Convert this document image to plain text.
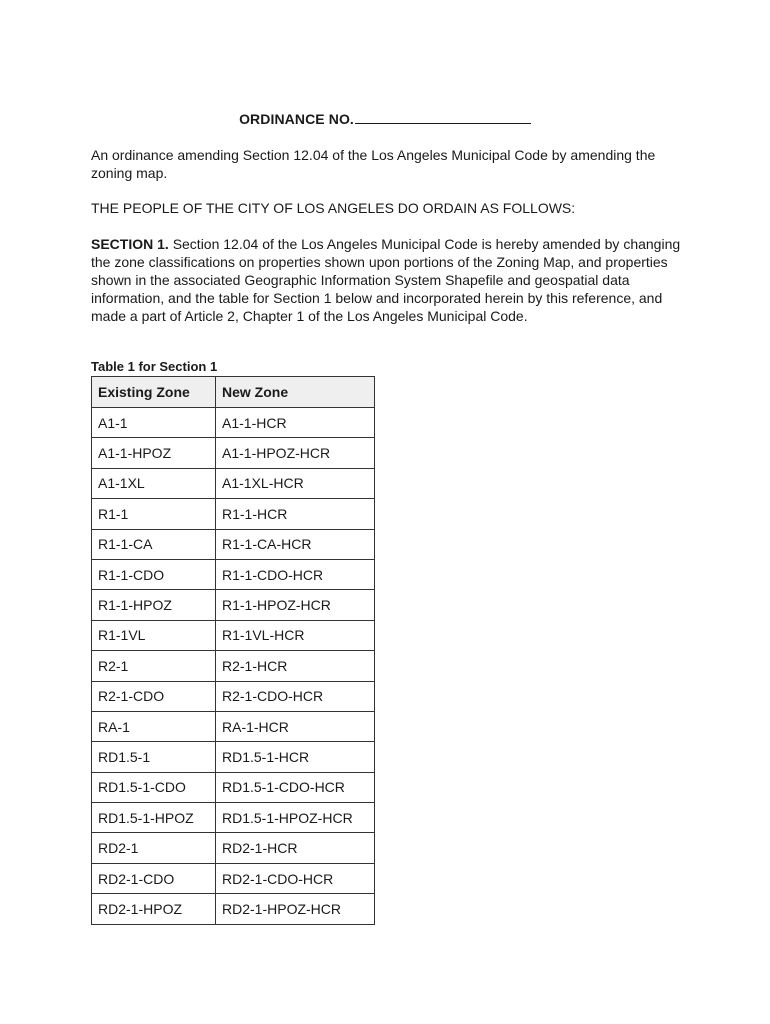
ORDINANCE NO.

An ordinance amending Section 12.04 of the Los Angeles Municipal Code by amending the zoning map.

THE PEOPLE OF THE CITY OF LOS ANGELES DO ORDAIN AS FOLLOWS:

SECTION 1. Section 12.04 of the Los Angeles Municipal Code is hereby amended by changing the zone classifications on properties shown upon portions of the Zoning Map, and properties shown in the associated Geographic Information System Shapefile and geospatial data information, and the table for Section 1 below and incorporated herein by this reference, and made a part of Article 2, Chapter 1 of the Los Angeles Municipal Code.

Table 1 for Section 1
Existing Zone	New Zone
A1-1	A1-1-HCR
A1-1-HPOZ	A1-1-HPOZ-HCR
A1-1XL	A1-1XL-HCR
R1-1	R1-1-HCR
R1-1-CA	R1-1-CA-HCR
R1-1-CDO	R1-1-CDO-HCR
R1-1-HPOZ	R1-1-HPOZ-HCR
R1-1VL	R1-1VL-HCR
R2-1	R2-1-HCR
R2-1-CDO	R2-1-CDO-HCR
RA-1	RA-1-HCR
RD1.5-1	RD1.5-1-HCR
RD1.5-1-CDO	RD1.5-1-CDO-HCR
RD1.5-1-HPOZ	RD1.5-1-HPOZ-HCR
RD2-1	RD2-1-HCR
RD2-1-CDO	RD2-1-CDO-HCR
RD2-1-HPOZ	RD2-1-HPOZ-HCR
